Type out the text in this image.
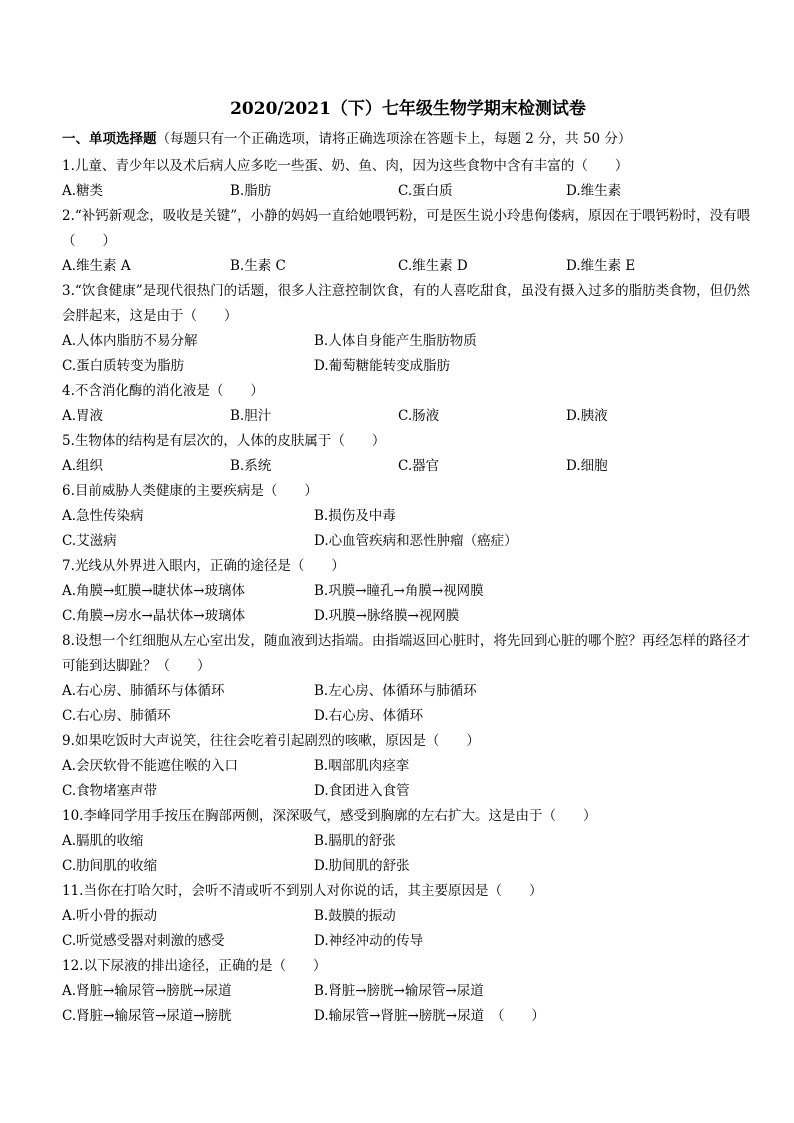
2020/2021（下）七年级生物学期末检测试卷
一、单项选择题（每题只有一个正确选项，请将正确选项涂在答题卡上，每题 2 分，共 50 分）
1.儿童、青少年以及术后病人应多吃一些蛋、奶、鱼、肉，因为这些食物中含有丰富的（　　）
A.糖类	B.脂肪	C.蛋白质	D.维生素
2.“补钙新观念，吸收是关键”，小静的妈妈一直给她喂钙粉，可是医生说小玲患佝偻病，原因在于喂钙粉时，没有喂（　　）
A.维生素 A	B.生素 C	C.维生素 D	D.维生素 E
3.“饮食健康”是现代很热门的话题，很多人注意控制饮食，有的人喜吃甜食，虽没有摄入过多的脂肪类食物，但仍然会胖起来，这是由于（　　）
A.人体内脂肪不易分解	B.人体自身能产生脂肪物质
C.蛋白质转变为脂肪	D.葡萄糖能转变成脂肪
4.不含消化酶的消化液是（　　）
A.胃液	B.胆汁	C.肠液	D.胰液
5.生物体的结构是有层次的，人体的皮肤属于（　　）
A.组织	B.系统	C.器官	D.细胞
6.目前威胁人类健康的主要疾病是（　　）
A.急性传染病	B.损伤及中毒
C.艾滋病	D.心血管疾病和恶性肿瘤（癌症）
7.光线从外界进入眼内，正确的途径是（　　）
A.角膜→虹膜→睫状体→玻璃体	B.巩膜→瞳孔→角膜→视网膜
C.角膜→房水→晶状体→玻璃体	D.巩膜→脉络膜→视网膜
8.设想一个红细胞从左心室出发，随血液到达指端。由指端返回心脏时，将先回到心脏的哪个腔？再经怎样的路径才可能到达脚趾？（　　）
A.右心房、肺循环与体循环	B.左心房、体循环与肺循环
C.右心房、肺循环	D.右心房、体循环
9.如果吃饭时大声说笑，往往会吃着引起剧烈的咳嗽，原因是（　　）
A.会厌软骨不能遮住喉的入口	B.咽部肌肉痉挛
C.食物堵塞声带	D.食团进入食管
10.李峰同学用手按压在胸部两侧，深深吸气，感受到胸廓的左右扩大。这是由于（　　）
A.膈肌的收缩	B.膈肌的舒张
C.肋间肌的收缩	D.肋间肌的舒张
11.当你在打哈欠时，会听不清或听不到别人对你说的话，其主要原因是（　　）
A.听小骨的振动	B.鼓膜的振动
C.听觉感受器对刺激的感受	D.神经冲动的传导
12.以下尿液的排出途径，正确的是（　　）
A.肾脏→输尿管→膀胱→尿道	B.肾脏→膀胱→输尿管→尿道
C.肾脏→输尿管→尿道→膀胱	D.输尿管→肾脏→膀胱→尿道　（　　）
